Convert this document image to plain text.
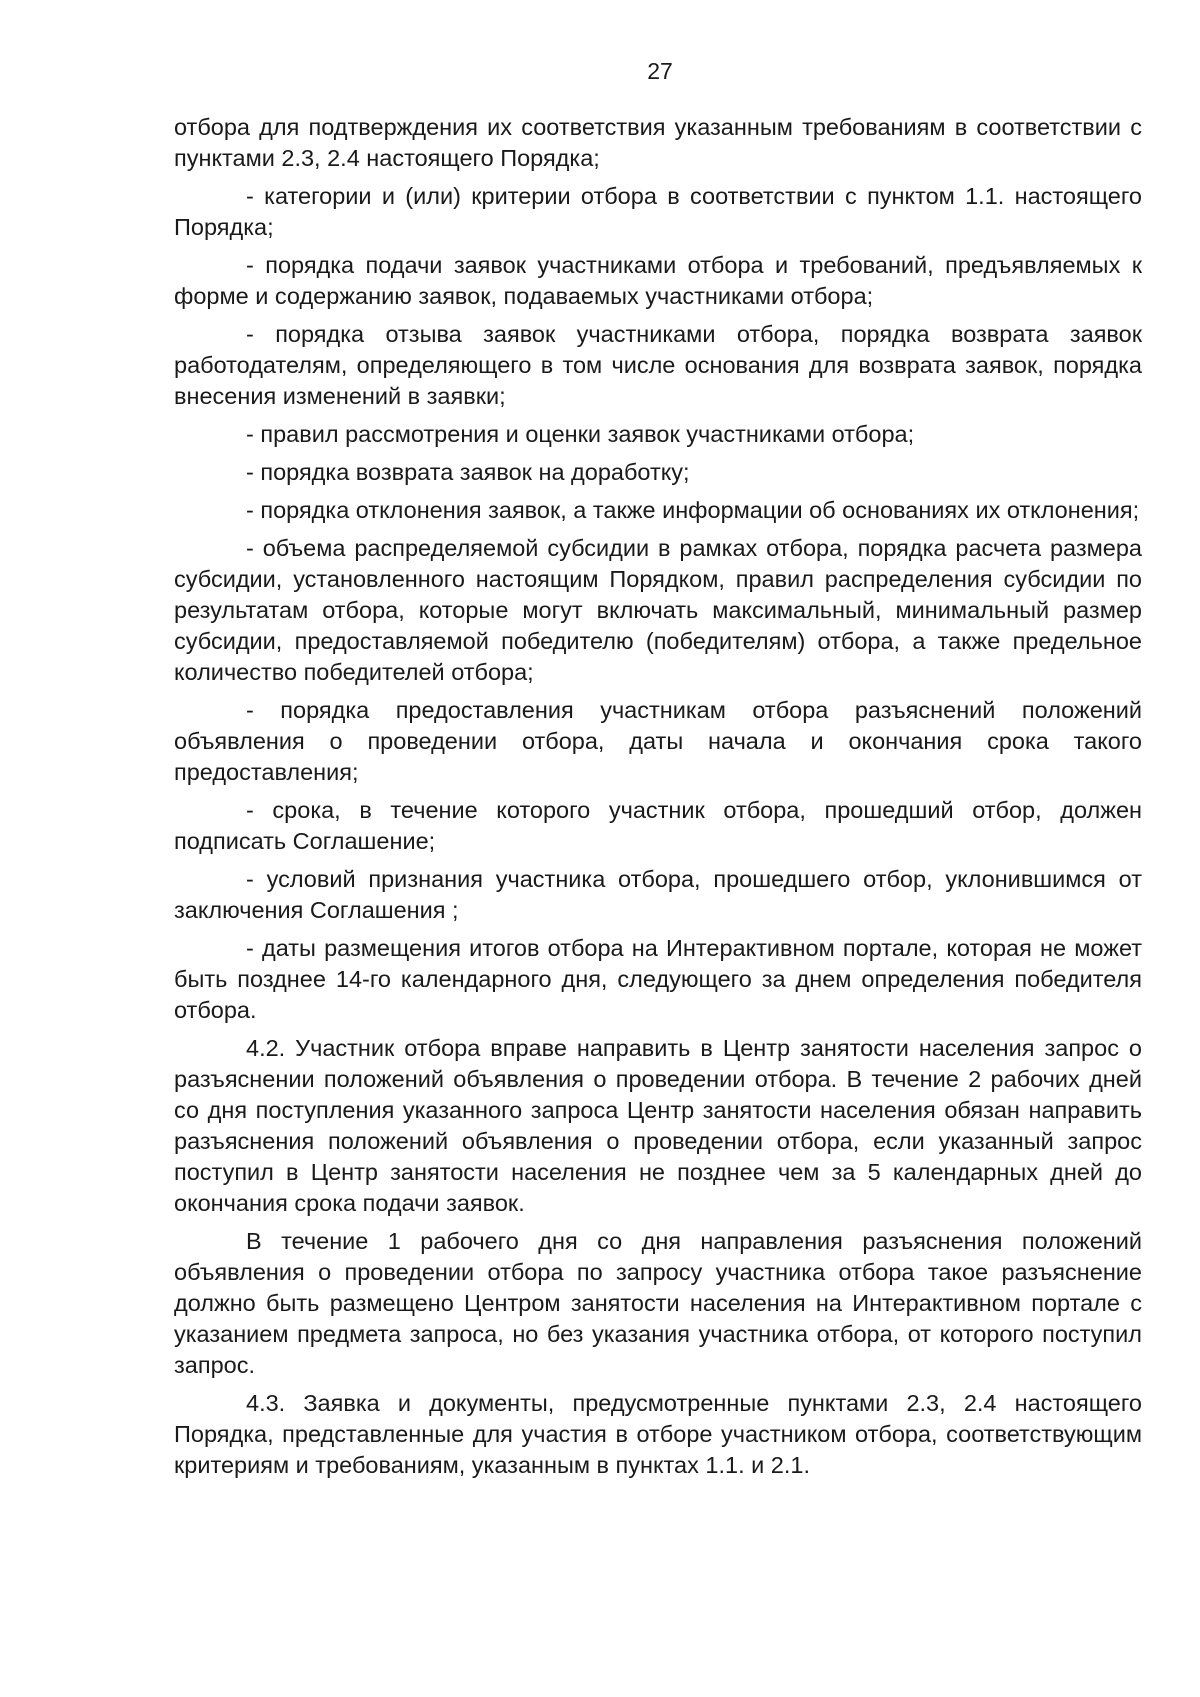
27

отбора для подтверждения их соответствия указанным требованиям в соответствии с пунктами 2.3, 2.4 настоящего Порядка;

- категории и (или) критерии отбора в соответствии с пунктом 1.1. настоящего Порядка;

- порядка подачи заявок участниками отбора и требований, предъявляемых к форме и содержанию заявок, подаваемых участниками отбора;

- порядка отзыва заявок участниками отбора, порядка возврата заявок работодателям, определяющего в том числе основания для возврата заявок, порядка внесения изменений в заявки;

- правил рассмотрения и оценки заявок участниками отбора;

- порядка возврата заявок на доработку;

- порядка отклонения заявок, а также информации об основаниях их отклонения;

- объема распределяемой субсидии в рамках отбора, порядка расчета размера субсидии, установленного настоящим Порядком, правил распределения субсидии по результатам отбора, которые могут включать максимальный, минимальный размер субсидии, предоставляемой победителю (победителям) отбора, а также предельное количество победителей отбора;

- порядка предоставления участникам отбора разъяснений положений объявления о проведении отбора, даты начала и окончания срока такого предоставления;

- срока, в течение которого участник отбора, прошедший отбор, должен подписать Соглашение;

- условий признания участника отбора, прошедшего отбор, уклонившимся от заключения Соглашения ;

- даты размещения итогов отбора на Интерактивном портале, которая не может быть позднее 14-го календарного дня, следующего за днем определения победителя отбора.

4.2. Участник отбора вправе направить в Центр занятости населения запрос о разъяснении положений объявления о проведении отбора. В течение 2 рабочих дней со дня поступления указанного запроса Центр занятости населения обязан направить разъяснения положений объявления о проведении отбора, если указанный запрос поступил в Центр занятости населения не позднее чем за 5 календарных дней до окончания срока подачи заявок.

В течение 1 рабочего дня со дня направления разъяснения положений объявления о проведении отбора по запросу участника отбора такое разъяснение должно быть размещено Центром занятости населения на Интерактивном портале с указанием предмета запроса, но без указания участника отбора, от которого поступил запрос.

4.3. Заявка и документы, предусмотренные пунктами 2.3, 2.4 настоящего Порядка, представленные для участия в отборе участником отбора, соответствующим критериям и требованиям, указанным в пунктах 1.1. и 2.1.
